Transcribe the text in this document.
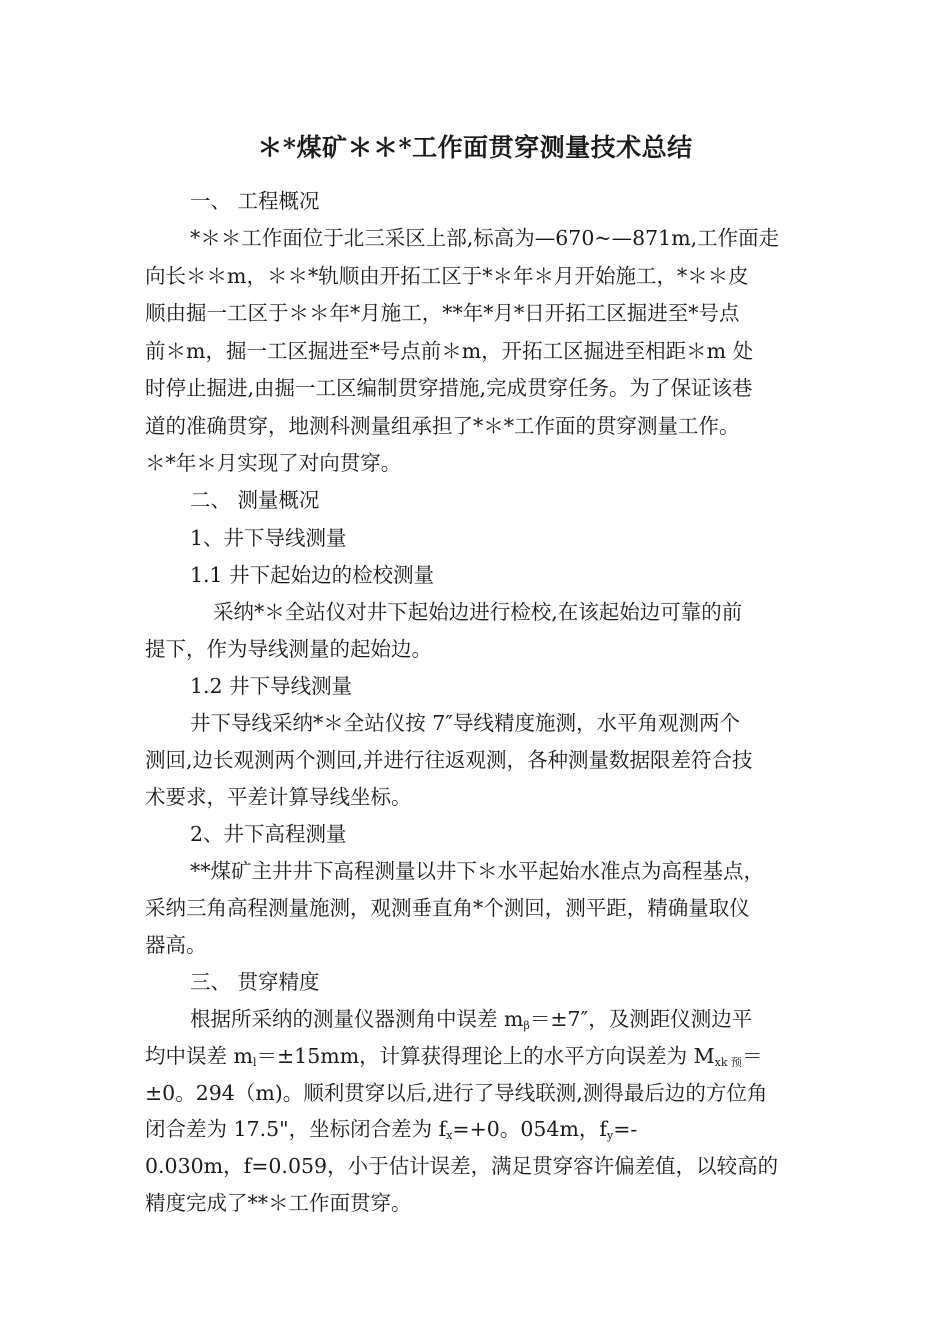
＊*煤矿＊＊*工作面贯穿测量技术总结
一、 工程概况
*＊＊工作面位于北三采区上部,标高为—670~—871m,工作面走
向长＊＊m，＊＊*轨顺由开拓工区于*＊年＊月开始施工，*＊＊皮
顺由掘一工区于＊＊年*月施工，**年*月*日开拓工区掘进至*号点
前＊m，掘一工区掘进至*号点前＊m，开拓工区掘进至相距＊m 处
时停止掘进,由掘一工区编制贯穿措施,完成贯穿任务。为了保证该巷
道的准确贯穿，地测科测量组承担了*＊*工作面的贯穿测量工作。
＊*年＊月实现了对向贯穿。
二、 测量概况
1、井下导线测量
1.1 井下起始边的检校测量
采纳*＊全站仪对井下起始边进行检校,在该起始边可靠的前
提下，作为导线测量的起始边。
1.2 井下导线测量
井下导线采纳*＊全站仪按 7″导线精度施测，水平角观测两个
测回,边长观测两个测回,并进行往返观测，各种测量数据限差符合技
术要求，平差计算导线坐标。
2、井下高程测量
**煤矿主井井下高程测量以井下＊水平起始水准点为高程基点，
采纳三角高程测量施测，观测垂直角*个测回，测平距，精确量取仪
器高。
三、 贯穿精度
根据所采纳的测量仪器测角中误差 $m_\beta=\pm 7''$，及测距仪测边平
均中误差 $m_l=\pm 15mm$，计算获得理论上的水平方向误差为 $M_{xk 预}=$
±0。294（m)。顺利贯穿以后,进行了导线联测,测得最后边的方位角
闭合差为 17.5"，坐标闭合差为 $f_x=+0$。054m，$f_y=-$
0.030m，f=0.059，小于估计误差，满足贯穿容许偏差值，以较高的
精度完成了**＊工作面贯穿。
